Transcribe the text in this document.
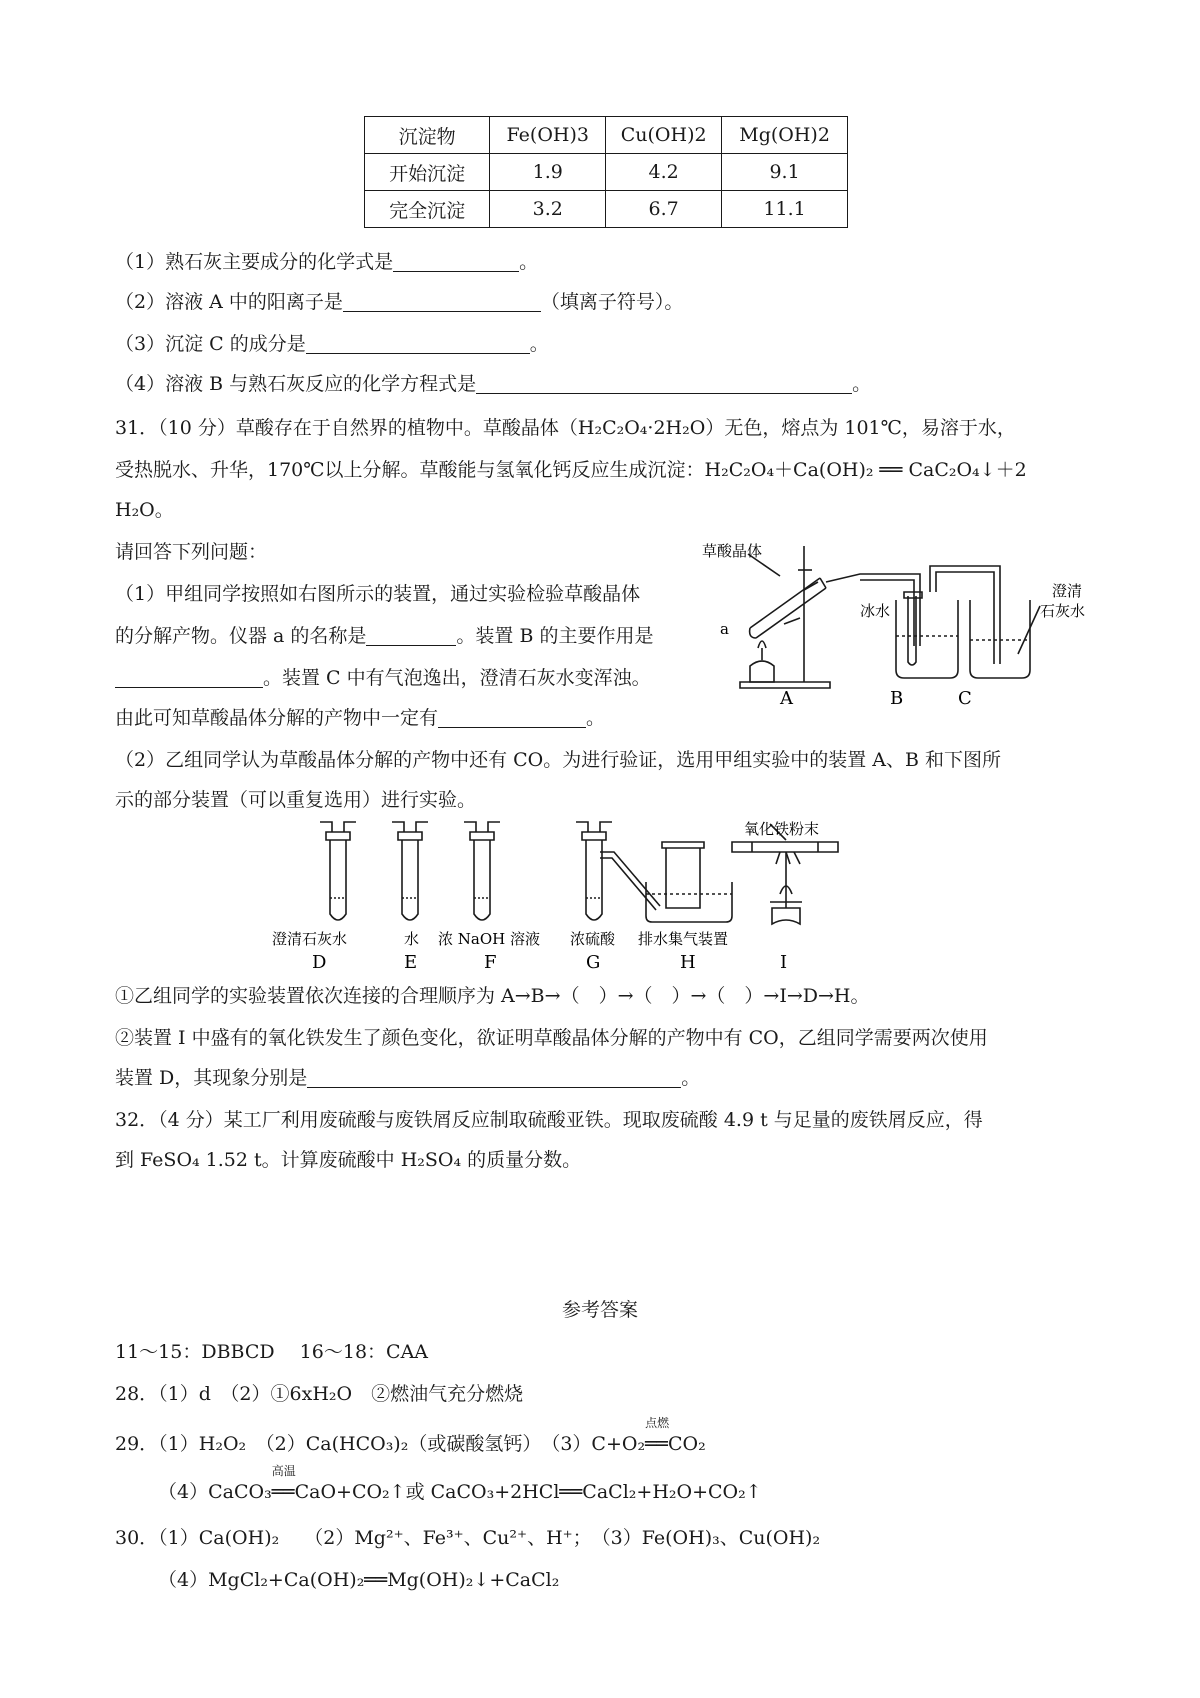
沉淀物	Fe(OH)3	Cu(OH)2	Mg(OH)2
开始沉淀	1.9	4.2	9.1
完全沉淀	3.2	6.7	11.1
（1）熟石灰主要成分的化学式是	。
（2）溶液 A 中的阳离子是	（填离子符号）。
（3）沉淀 C 的成分是	。
（4）溶液 B 与熟石灰反应的化学方程式是	。
31．（10 分）草酸存在于自然界的植物中。草酸晶体（H₂C₂O₄·2H₂O）无色，熔点为 101℃，易溶于水，
受热脱水、升华，170℃以上分解。草酸能与氢氧化钙反应生成沉淀：H₂C₂O₄＋Ca(OH)₂ ══ CaC₂O₄↓＋2
H₂O。
请回答下列问题：
（1）甲组同学按照如右图所示的装置，通过实验检验草酸晶体
的分解产物。仪器 a 的名称是	。装置 B 的主要作用是
。装置 C 中有气泡逸出，澄清石灰水变浑浊。
由此可知草酸晶体分解的产物中一定有	。
草酸晶体
a
冰水
澄清
石灰水
A	B	C
（2）乙组同学认为草酸晶体分解的产物中还有 CO。为进行验证，选用甲组实验中的装置 A、B 和下图所
示的部分装置（可以重复选用）进行实验。
氧化铁粉末
澄清石灰水	水 浓 NaOH 溶液 浓硫酸 排水集气装置
D	E	F	G	H	I
①乙组同学的实验装置依次连接的合理顺序为 A→B→（　）→（　）→（　）→I→D→H。
②装置 I 中盛有的氧化铁发生了颜色变化，欲证明草酸晶体分解的产物中有 CO，乙组同学需要两次使用
装置 D，其现象分别是	。
32．（4 分）某工厂利用废硫酸与废铁屑反应制取硫酸亚铁。现取废硫酸 4.9 t 与足量的废铁屑反应，得
到 FeSO₄ 1.52 t。计算废硫酸中 H₂SO₄ 的质量分数。
参考答案
11～15：DBBCD　 16～18：CAA
28．（1）d　（2）①6xH₂O　②燃油气充分燃烧
29．（1）H₂O₂　（2）Ca(HCO₃)₂（或碳酸氢钙）　（3）C+O₂
点燃
══CO₂
（4）CaCO₃
高温
══CaO+CO₂↑或 CaCO₃+2HCl══CaCl₂+H₂O+CO₂↑
30．（1）Ca(OH)₂　 （2）Mg²⁺、Fe³⁺、Cu²⁺、H⁺；　（3）Fe(OH)₃、Cu(OH)₂
（4）MgCl₂+Ca(OH)₂══Mg(OH)₂↓+CaCl₂
